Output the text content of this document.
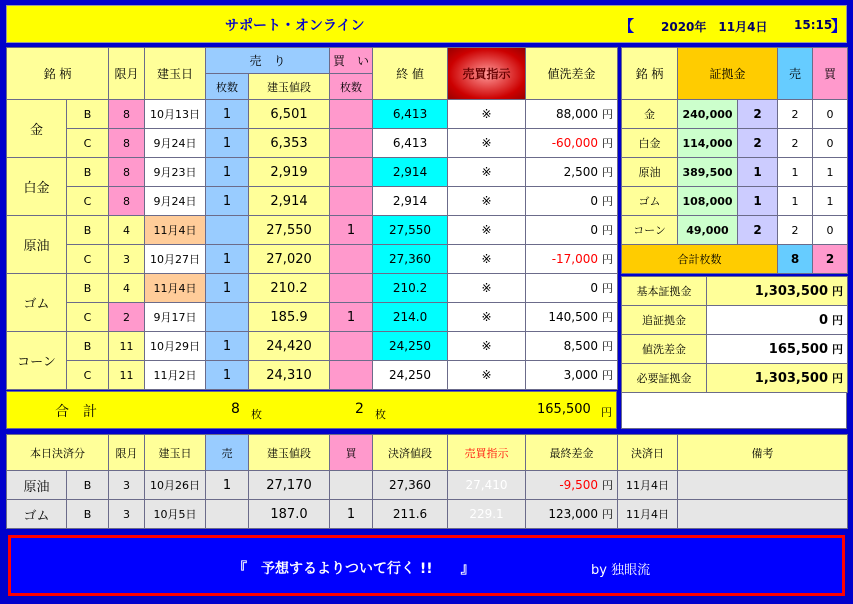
サポート・オンライン	【 2020年　11月4日 15:15
】
銘 柄		限月	建玉日	売　り		買　い	終 値	売買指示	値洗差金
				枚数	建玉値段	枚数			
金	B	8	10月13日	1	6,501		6,413	※	88,000 円
	C	8	9月24日	1	6,353		6,413	※	-60,000 円
白金	B	8	9月23日	1	2,919		2,914	※	2,500 円
	C	8	9月24日	1	2,914		2,914	※	0 円
原油	B	4	11月4日		27,550	1	27,550	※	0 円
	C	3	10月27日	1	27,020		27,360	※	-17,000 円
ゴム	B	4	11月4日	1	210.2		210.2	※	0 円
	C	2	9月17日		185.9	1	214.0	※	140,500 円
コーン	B	11	10月29日	1	24,420		24,250	※	8,500 円
	C	11	11月2日	1	24,310		24,250	※	3,000 円
合　計	8 枚	2 枚	165,500 円
銘 柄	証拠金		売	買
金	240,000	2	2	0
白金	114,000	2	2	0
原油	389,500	1	1	1
ゴム	108,000	1	1	1
コーン	49,000	2	2	0
合計枚数			8	2
基本証拠金	1,303,500 円
追証拠金	0 円
値洗差金	165,500 円
必要証拠金	1,303,500 円
本日決済分		限月	建玉日	売	建玉値段	買	決済値段	売買指示	最終差金	決済日	備考
原油	B	3	10月26日	1	27,170		27,360	27,410	-9,500 円	11月4日	
ゴム	B	3	10月5日		187.0	1	211.6	229.1	123,000 円	11月4日	
『　予想するよりついて行く !!　　』	by 独眼流
